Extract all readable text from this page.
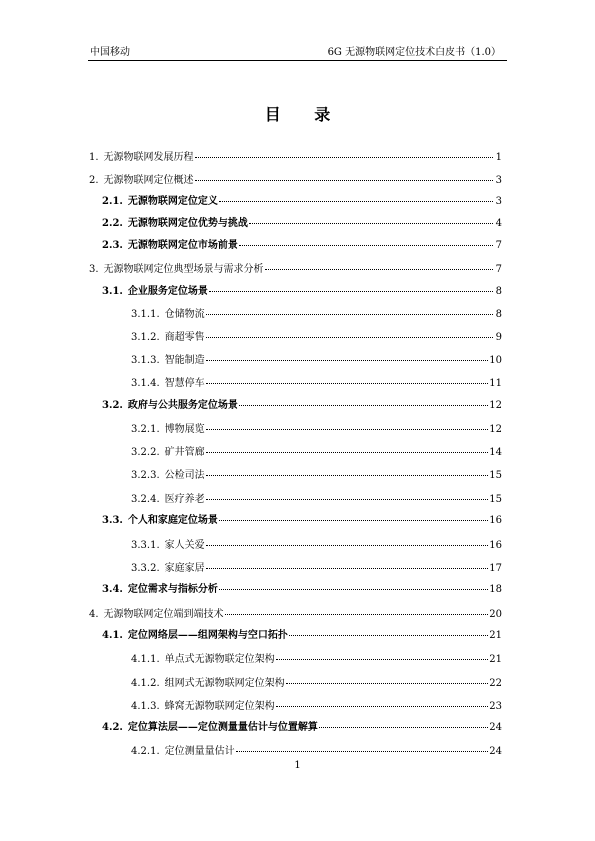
中国移动	6G 无源物联网定位技术白皮书（1.0）
目 录
1. 无源物联网发展历程	1
2. 无源物联网定位概述	3
2.1. 无源物联网定位定义	3
2.2. 无源物联网定位优势与挑战	4
2.3. 无源物联网定位市场前景	7
3. 无源物联网定位典型场景与需求分析	7
3.1. 企业服务定位场景	8
3.1.1. 仓储物流	8
3.1.2. 商超零售	9
3.1.3. 智能制造	10
3.1.4. 智慧停车	11
3.2. 政府与公共服务定位场景	12
3.2.1. 博物展览	12
3.2.2. 矿井管廊	14
3.2.3. 公检司法	15
3.2.4. 医疗养老	15
3.3. 个人和家庭定位场景	16
3.3.1. 家人关爱	16
3.3.2. 家庭家居	17
3.4. 定位需求与指标分析	18
4. 无源物联网定位端到端技术	20
4.1. 定位网络层——组网架构与空口拓扑	21
4.1.1. 单点式无源物联定位架构	21
4.1.2. 组网式无源物联网定位架构	22
4.1.3. 蜂窝无源物联网定位架构	23
4.2. 定位算法层——定位测量量估计与位置解算	24
4.2.1. 定位测量量估计	24
1
